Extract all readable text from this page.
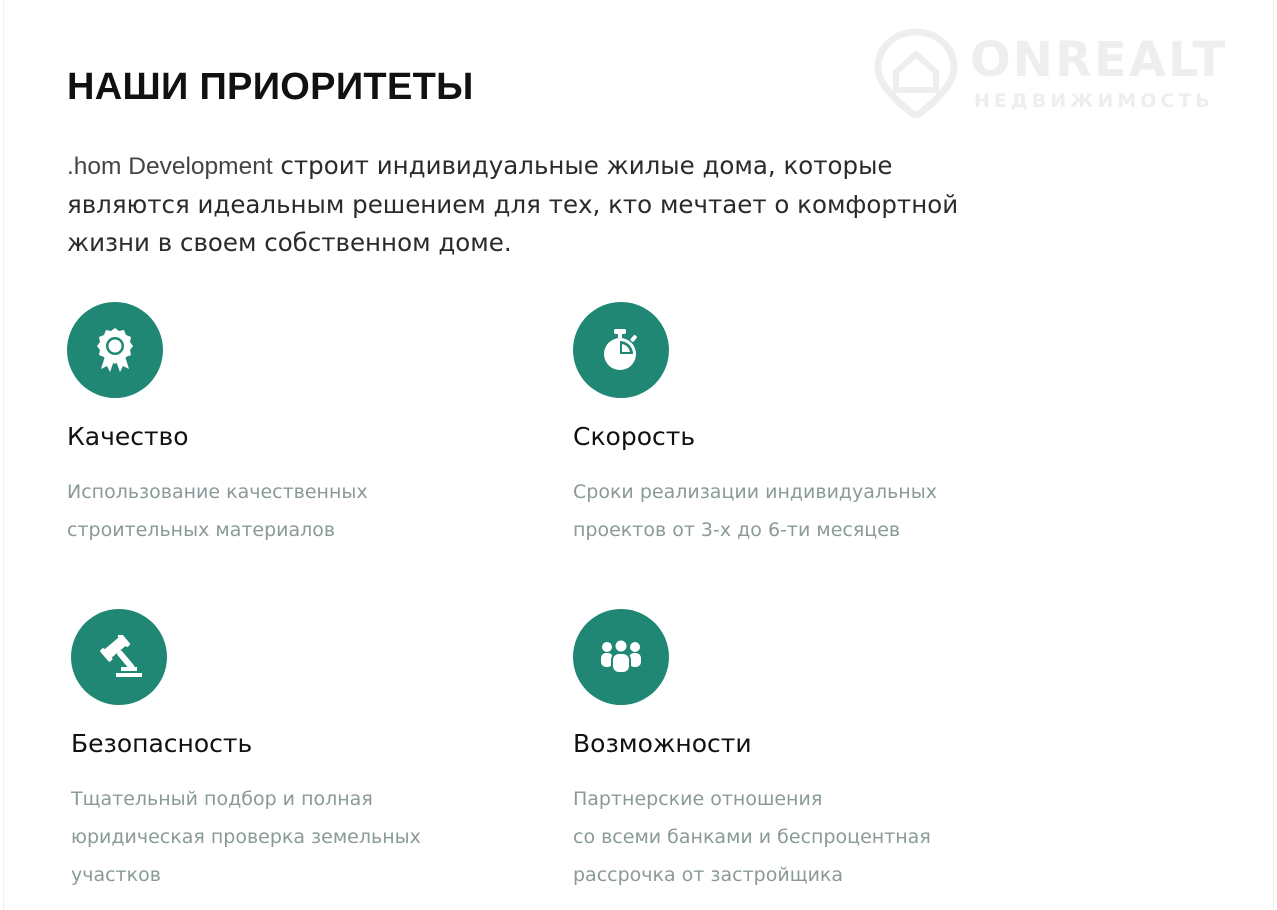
ONREALT
НЕДВИЖИМОСТЬ
НАШИ ПРИОРИТЕТЫ

.hom Development строит индивидуальные жилые дома, которые являются идеальным решением для тех, кто мечтает о комфортной жизни в своем собственном доме.

Качество

Использование качественных
строительных материалов

Скорость

Сроки реализации индивидуальных
проектов от 3-х до 6-ти месяцев

Безопасность

Тщательный подбор и полная
юридическая проверка земельных
участков

Возможности

Партнерские отношения
со всеми банками и беспроцентная
рассрочка от застройщика
